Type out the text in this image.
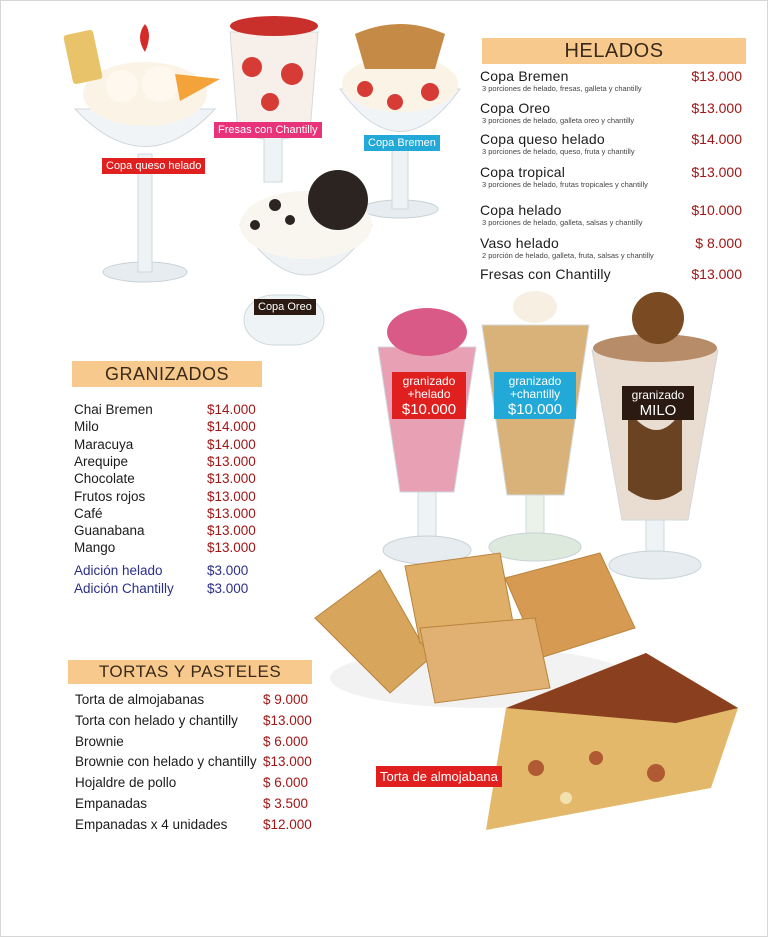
Copa queso helado
Fresas con Chantilly
Copa Bremen
Copa Oreo
granizado
+helado
$10.000
granizado
+chantilly
$10.000
granizado
MILO
Torta de almojabana
HELADOS
Copa Bremen	$13.000
3 porciones de helado, fresas, galleta y chantilly
Copa Oreo	$13.000
3 porciones de helado, galleta oreo y chantilly
Copa queso helado	$14.000
3 porciones de helado, queso, fruta y chantilly
Copa tropical	$13.000
3 porciones de helado, frutas tropicales y chantilly
Copa helado	$10.000
3 porciones de helado, galleta, salsas y chantilly
Vaso helado	$ 8.000
2 porción de helado, galleta, fruta, salsas y chantilly
Fresas con Chantilly	$13.000
GRANIZADOS
Chai Bremen	$14.000
Milo	$14.000
Maracuya	$14.000
Arequipe	$13.000
Chocolate	$13.000
Frutos rojos	$13.000
Café	$13.000
Guanabana	$13.000
Mango	$13.000
Adición helado	$3.000
Adición Chantilly $3.000
TORTAS Y PASTELES
Torta de almojabanas	$ 9.000
Torta con helado y chantilly $13.000
Brownie	$ 6.000
Brownie con helado y chantilly $13.000
Hojaldre de pollo	$ 6.000
Empanadas	$ 3.500
Empanadas x 4 unidades	$12.000
